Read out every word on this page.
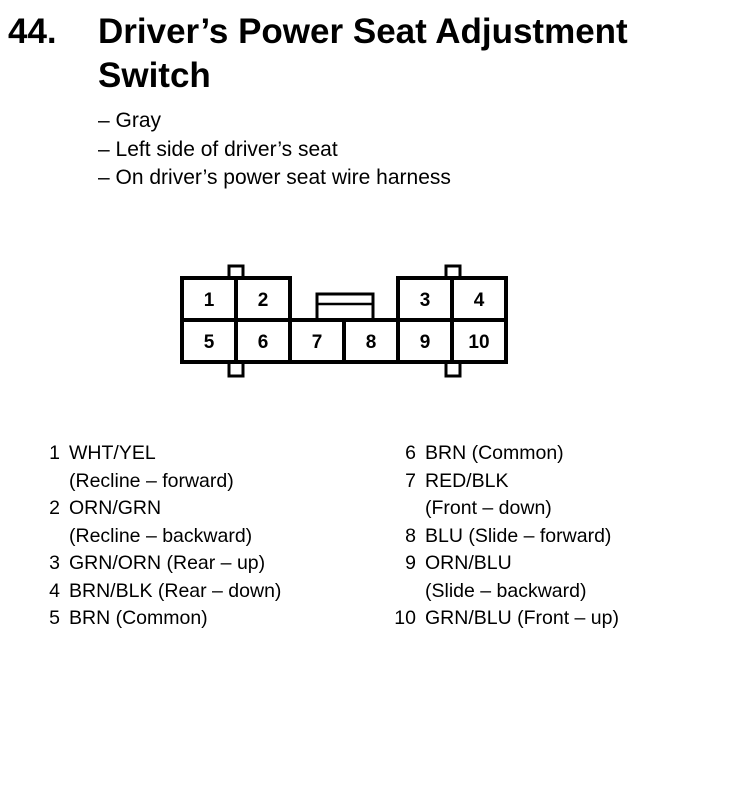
44. Driver’s Power Seat Adjustment Switch
– Gray
– Left side of driver’s seat
– On driver’s power seat wire harness
1 2	3 4
5 6 7 8 9 10
1 WHT/YEL
(Recline – forward)
2 ORN/GRN
(Recline – backward)
3 GRN/ORN (Rear – up)
4 BRN/BLK (Rear – down)
5 BRN (Common)
6 BRN (Common)
7 RED/BLK
(Front – down)
8 BLU (Slide – forward)
9 ORN/BLU
(Slide – backward)
10 GRN/BLU (Front – up)
